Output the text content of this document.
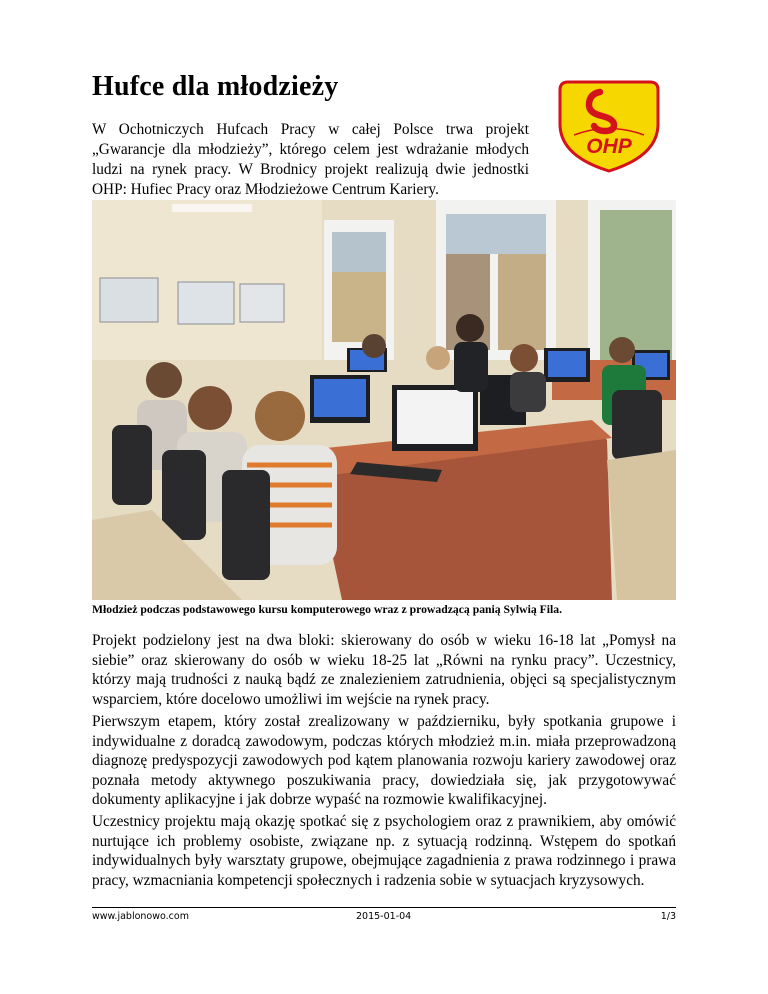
Hufce dla młodzieży

W Ochotniczych Hufcach Pracy w całej Polsce trwa projekt „Gwarancje dla młodzieży”, którego celem jest wdrażanie młodych ludzi na rynek pracy. W Brodnicy projekt realizują dwie jednostki OHP: Hufiec Pracy oraz Młodzieżowe Centrum Kariery.

OHP

Młodzież podczas podstawowego kursu komputerowego wraz z prowadzącą panią Sylwią Fila.

Projekt podzielony jest na dwa bloki: skierowany do osób w wieku 16-18 lat „Pomysł na siebie” oraz skierowany do osób w wieku 18-25 lat „Równi na rynku pracy”. Uczestnicy, którzy mają trudności z nauką bądź ze znalezieniem zatrudnienia, objęci są specjalistycznym wsparciem, które docelowo umożliwi im wejście na rynek pracy.

Pierwszym etapem, który został zrealizowany w październiku, były spotkania grupowe i indywidualne z doradcą zawodowym, podczas których młodzież m.in. miała przeprowadzoną diagnozę predyspozycji zawodowych pod kątem planowania rozwoju kariery zawodowej oraz poznała metody aktywnego poszukiwania pracy, dowiedziała się, jak przygotowywać dokumenty aplikacyjne i jak dobrze wypaść na rozmowie kwalifikacyjnej.

Uczestnicy projektu mają okazję spotkać się z psychologiem oraz z prawnikiem, aby omówić nurtujące ich problemy osobiste, związane np. z sytuacją rodzinną. Wstępem do spotkań indywidualnych były warsztaty grupowe, obejmujące zagadnienia z prawa rodzinnego i prawa pracy, wzmacniania kompetencji społecznych i radzenia sobie w sytuacjach kryzysowych.

www.jablonowo.com	2015-01-04	1/3
